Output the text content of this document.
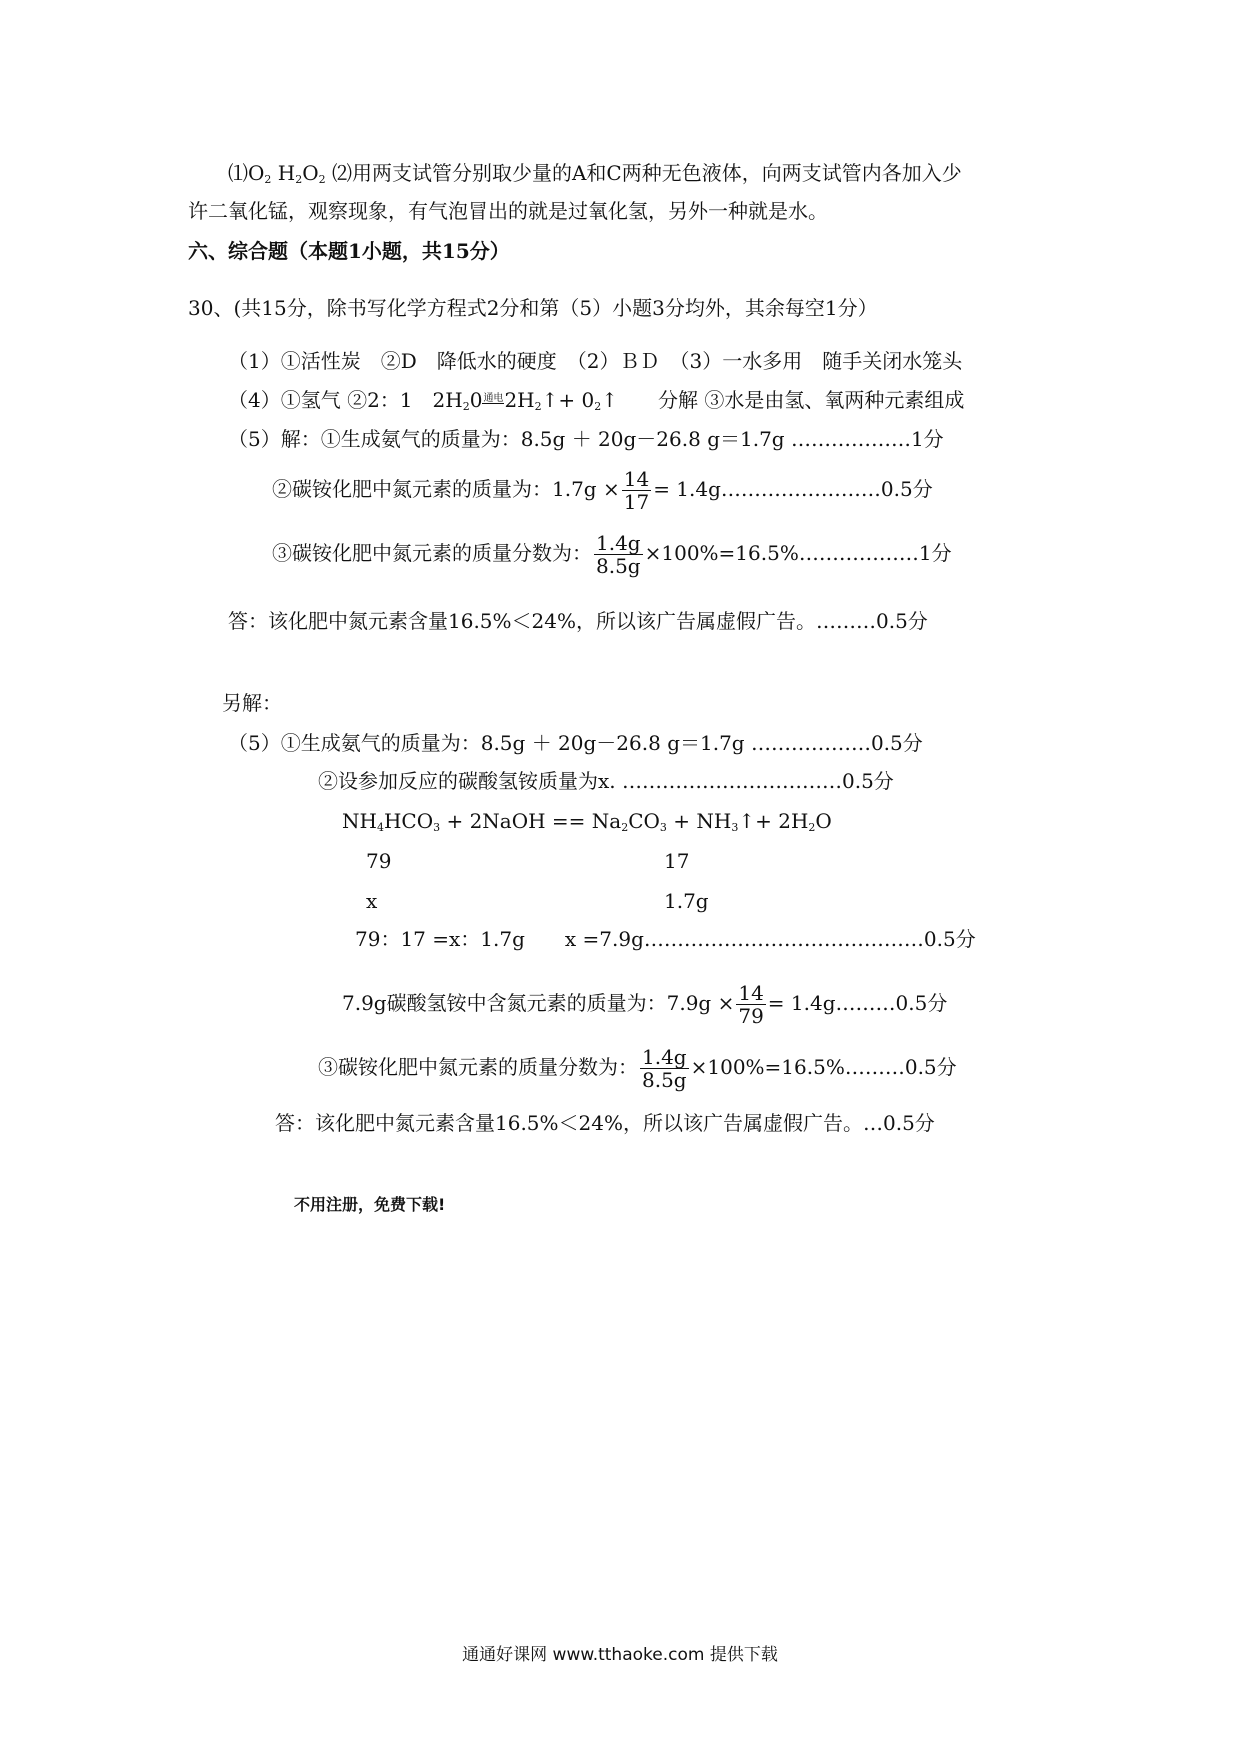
$⑴O_2$ $H_2O_2$ ⑵用两支试管分别取少量的A和C两种无色液体，向两支试管内各加入少
许二氧化锰，观察现象，有气泡冒出的就是过氧化氢，另外一种就是水。
六、综合题（本题1小题，共15分）
30、(共15分，除书写化学方程式2分和第（5）小题3分均外，其余每空1分）
（1）①活性炭　②D　降低水的硬度　（2）ＢＤ　（3）一水多用　随手关闭水笼头
（4）①氢气 ②2：1　$2H_20$通电$2H_2↑+$ $0_2↑$　　分解 ③水是由氢、氧两种元素组成
（5）解：①生成氨气的质量为：8.5g ＋ 20g－26.8 g＝1.7g ………………1分
②碳铵化肥中氮元素的质量为：$1.7g \times \frac{14}{17}$ = 1.4g……………………0.5分
③碳铵化肥中氮元素的质量分数为： $\frac{1.4g}{8.5g}$ ×100%=16.5%………………1分
答：该化肥中氮元素含量16.5%＜24%，所以该广告属虚假广告。………0.5分
另解：
（5）①生成氨气的质量为：8.5g ＋ 20g－26.8 g＝1.7g ………………0.5分
②设参加反应的碳酸氢铵质量为x. ……………………………0.5分
$NH_4HCO_3$ + 2NaOH == $Na_2CO_3$ + $NH_3↑+ 2H_2O$
79	17
x	1.7g
79：17 =x：1.7g　　x =7.9g……………………………………0.5分
7.9g碳酸氢铵中含氮元素的质量为：$7.9g \times \frac{14}{79}$ = 1.4g………0.5分
③碳铵化肥中氮元素的质量分数为： $\frac{1.4g}{8.5g}$ ×100%=16.5%………0.5分
答：该化肥中氮元素含量16.5%＜24%，所以该广告属虚假广告。…0.5分
不用注册，免费下载!
通通好课网 www.tthaoke.com 提供下载
